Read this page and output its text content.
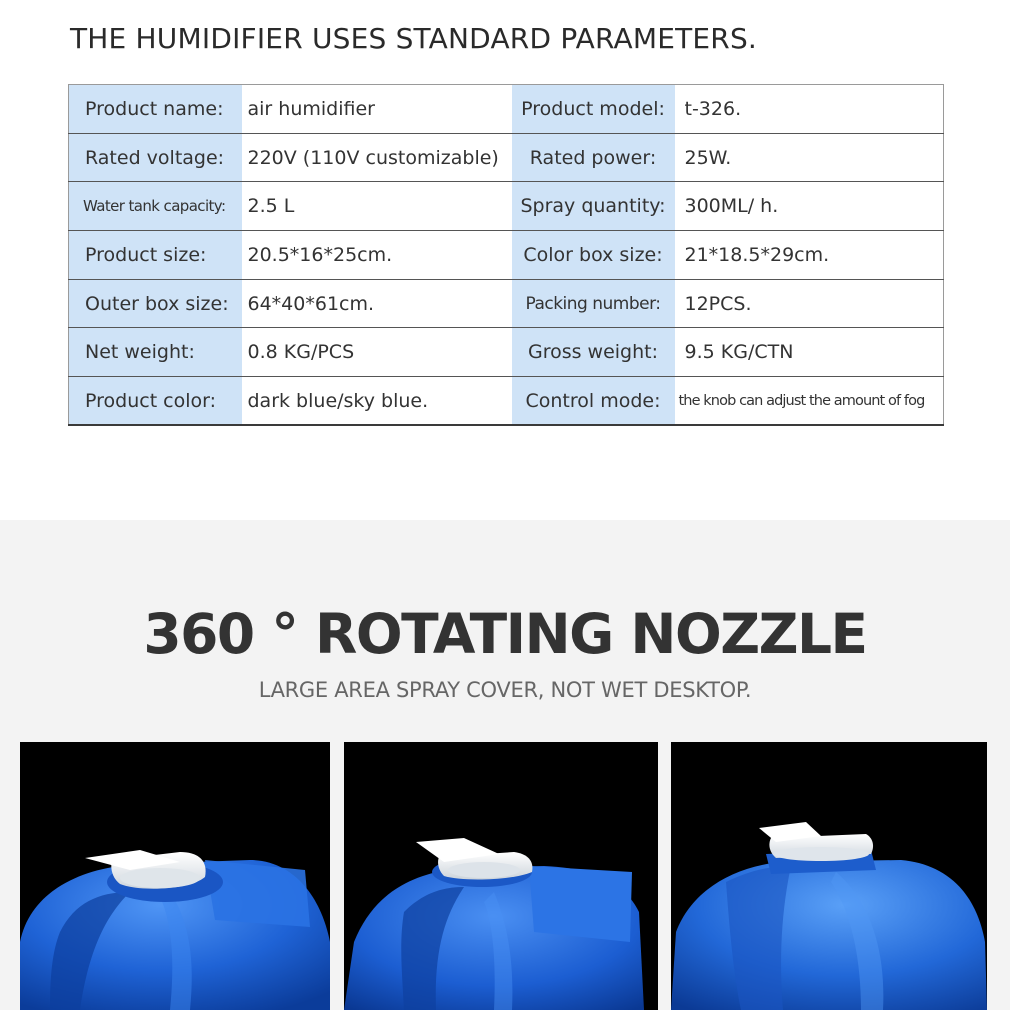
THE HUMIDIFIER USES STANDARD PARAMETERS.
Product name:	air humidifier	Product model:	t-326.
Rated voltage:	220V (110V customizable)	Rated power:	25W.
Water tank capacity:	2.5 L	Spray quantity:	300ML/ h.
Product size:	20.5*16*25cm.	Color box size:	21*18.5*29cm.
Outer box size:	64*40*61cm.	Packing number:	12PCS.
Net weight:	0.8 KG/PCS	Gross weight:	9.5 KG/CTN
Product color:	dark blue/sky blue.	Control mode:	the knob can adjust the amount of fog
360 ° ROTATING NOZZLE
LARGE AREA SPRAY COVER, NOT WET DESKTOP.
